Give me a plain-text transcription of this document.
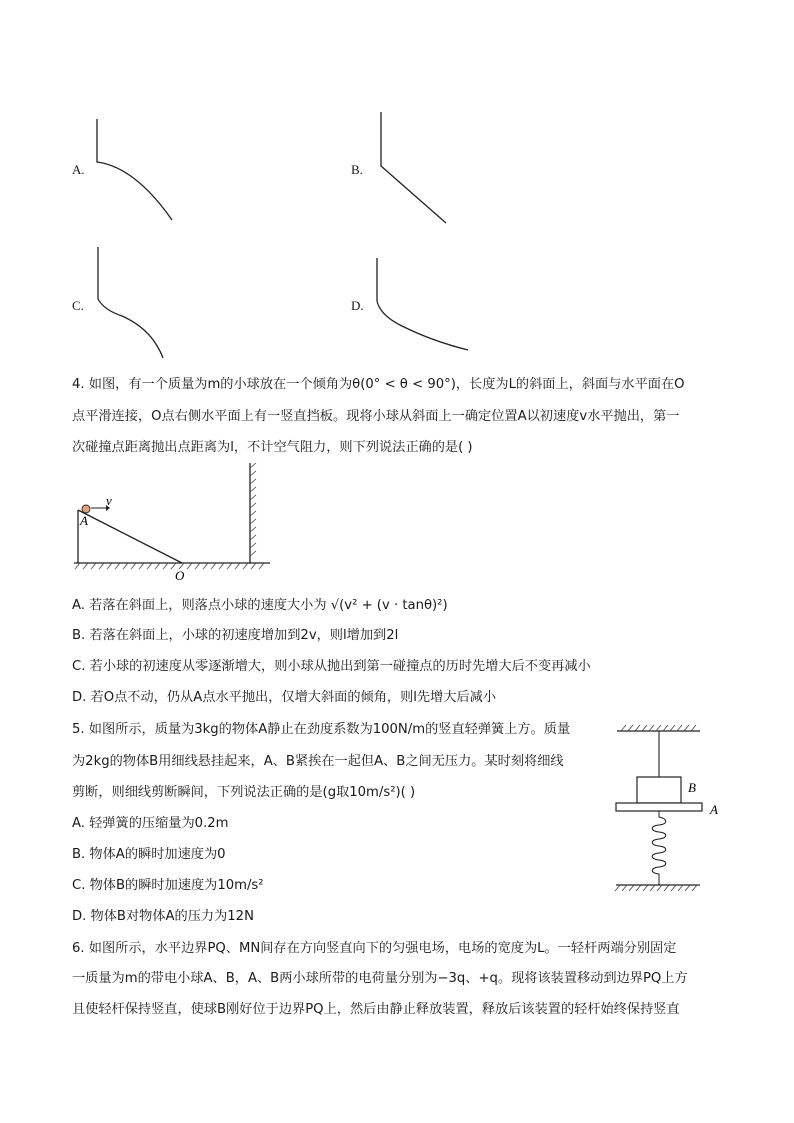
A.	B.
C.	D.
4. 如图，有一个质量为m的小球放在一个倾角为θ(0° < θ < 90°)，长度为L的斜面上，斜面与水平面在O
点平滑连接，O点右侧水平面上有一竖直挡板。现将小球从斜面上一确定位置A以初速度v水平抛出，第一
次碰撞点距离抛出点距离为l，不计空气阻力，则下列说法正确的是( )
v
A
O
A. 若落在斜面上，则落点小球的速度大小为 √(v² + (v · tanθ)²)
B. 若落在斜面上，小球的初速度增加到2v，则l增加到2l
C. 若小球的初速度从零逐渐增大，则小球从抛出到第一碰撞点的历时先增大后不变再减小
D. 若O点不动，仍从A点水平抛出，仅增大斜面的倾角，则l先增大后减小
5. 如图所示，质量为3kg的物体A静止在劲度系数为100N/m的竖直轻弹簧上方。质量
为2kg的物体B用细线悬挂起来，A、B紧挨在一起但A、B之间无压力。某时刻将细线
剪断，则细线剪断瞬间，下列说法正确的是(g取10m/s²)( )
A. 轻弹簧的压缩量为0.2m
B. 物体A的瞬时加速度为0
C. 物体B的瞬时加速度为10m/s²
D. 物体B对物体A的压力为12N
B
A
6. 如图所示，水平边界PQ、MN间存在方向竖直向下的匀强电场，电场的宽度为L。一轻杆两端分别固定
一质量为m的带电小球A、B，A、B两小球所带的电荷量分别为−3q、+q。现将该装置移动到边界PQ上方
且使轻杆保持竖直，使球B刚好位于边界PQ上，然后由静止释放装置，释放后该装置的轻杆始终保持竖直
